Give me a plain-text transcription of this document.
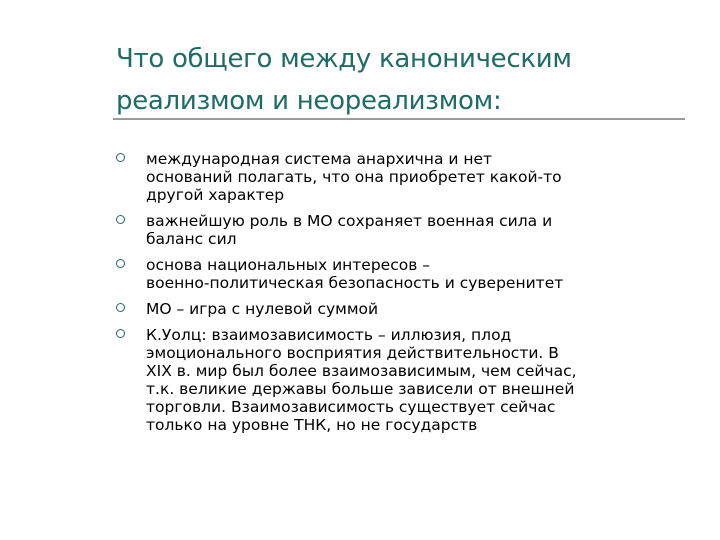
Что общего между каноническим
реализмом и неореализмом:
международная система анархична и нет
оснований полагать, что она приобретет какой-то
другой характер
важнейшую роль в МО сохраняет военная сила и
баланс сил
основа национальных интересов –
военно-политическая безопасность и суверенитет
МО – игра с нулевой суммой
К.Уолц: взаимозависимость – иллюзия, плод
эмоционального восприятия действительности. В
XIX в. мир был более взаимозависимым, чем сейчас,
т.к. великие державы больше зависели от внешней
торговли. Взаимозависимость существует сейчас
только на уровне ТНК, но не государств
